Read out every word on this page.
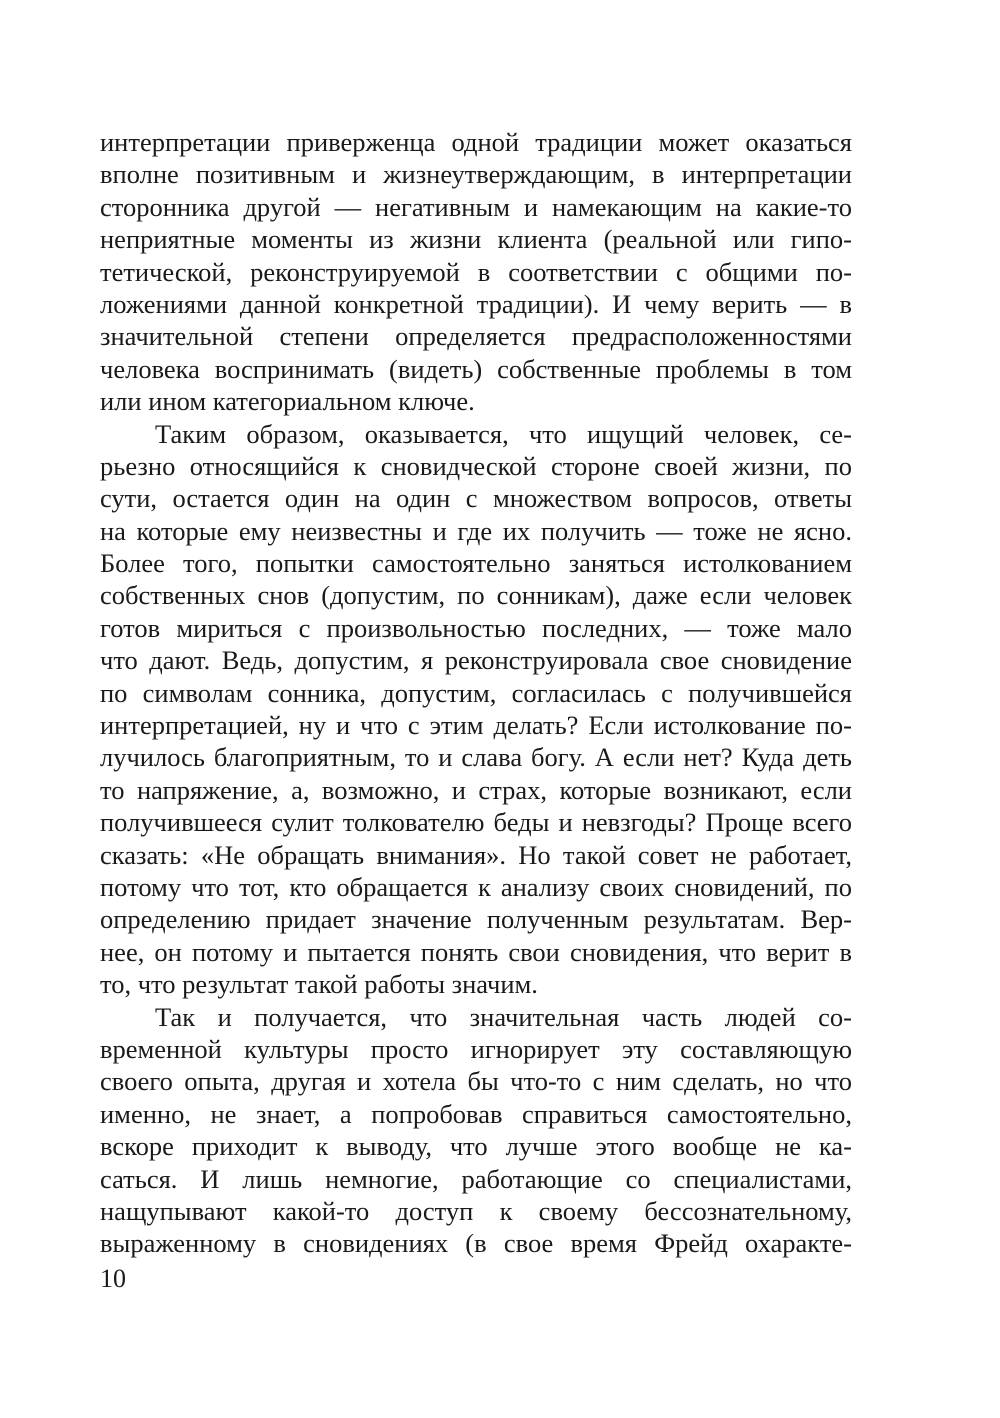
интерпретации приверженца одной традиции может оказаться
вполне позитивным и жизнеутверждающим, в интерпретации
сторонника другой — негативным и намекающим на какие-то
неприятные моменты из жизни клиента (реальной или гипо-
тетической, реконструируемой в соответствии с общими по-
ложениями данной конкретной традиции). И чему верить — в
значительной степени определяется предрасположенностями
человека воспринимать (видеть) собственные проблемы в том
или ином категориальном ключе.
Таким образом, оказывается, что ищущий человек, се-
рьезно относящийся к сновидческой стороне своей жизни, по
сути, остается один на один с множеством вопросов, ответы
на которые ему неизвестны и где их получить — тоже не ясно.
Более того, попытки самостоятельно заняться истолкованием
собственных снов (допустим, по сонникам), даже если человек
готов мириться с произвольностью последних, — тоже мало
что дают. Ведь, допустим, я реконструировала свое сновидение
по символам сонника, допустим, согласилась с получившейся
интерпретацией, ну и что с этим делать? Если истолкование по-
лучилось благоприятным, то и слава богу. А если нет? Куда деть
то напряжение, а, возможно, и страх, которые возникают, если
получившееся сулит толкователю беды и невзгоды? Проще всего
сказать: «Не обращать внимания». Но такой совет не работает,
потому что тот, кто обращается к анализу своих сновидений, по
определению придает значение полученным результатам. Вер-
нее, он потому и пытается понять свои сновидения, что верит в
то, что результат такой работы значим.
Так и получается, что значительная часть людей со-
временной культуры просто игнорирует эту составляющую
своего опыта, другая и хотела бы что-то с ним сделать, но что
именно, не знает, а попробовав справиться самостоятельно,
вскоре приходит к выводу, что лучше этого вообще не ка-
саться. И лишь немногие, работающие со специалистами,
нащупывают какой-то доступ к своему бессознательному,
выраженному в сновидениях (в свое время Фрейд охаракте-
10
